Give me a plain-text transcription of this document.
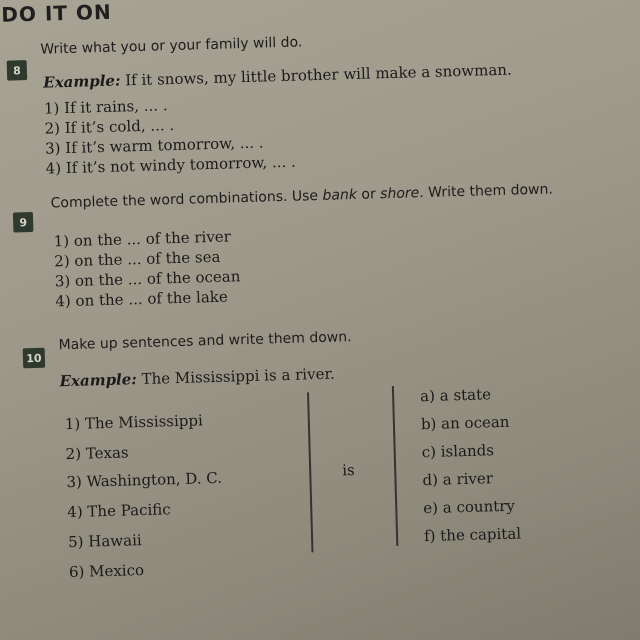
DO IT ON
8
Write what you or your family will do.
Example: If it snows, my little brother will make a snowman.
1) If it rains, ... .
2) If it’s cold, ... .
3) If it’s warm tomorrow, ... .
4) If it’s not windy tomorrow, ... .
9
Complete the word combinations. Use bank or shore. Write them down.
1) on the ... of the river
2) on the ... of the sea
3) on the ... of the ocean
4) on the ... of the lake
10
Make up sentences and write them down.
Example: The Mississippi is a river.
1) The Mississippi
2) Texas
3) Washington, D. C.
4) The Pacific
5) Hawaii
6) Mexico
is
a) a state
b) an ocean
c) islands
d) a river
e) a country
f) the capital
